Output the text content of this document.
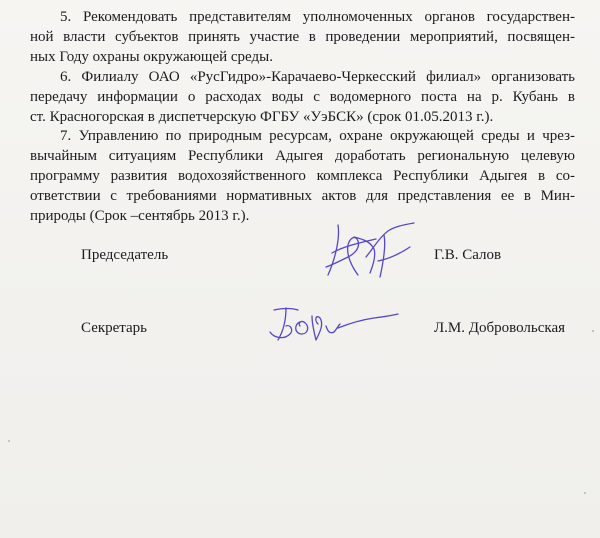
5. Рекомендовать представителям уполномоченных органов государствен-
ной власти субъектов принять участие в проведении мероприятий, посвящен-
ных Году охраны окружающей среды.
6. Филиалу ОАО «РусГидро»-Карачаево-Черкесский филиал» организовать
передачу информации о расходах воды с водомерного поста на р. Кубань в
ст. Красногорская в диспетчерскую ФГБУ «УэБСК» (срок 01.05.2013 г.).
7. Управлению по природным ресурсам, охране окружающей среды и чрез-
вычайным ситуациям Республики Адыгея доработать региональную целевую
программу развития водохозяйственного комплекса Республики Адыгея в со-
ответствии с требованиями нормативных актов для представления ее в Мин-
природы (Срок –сентябрь 2013 г.).
Председатель	Г.В. Салов
Секретарь	Л.М. Добровольская
